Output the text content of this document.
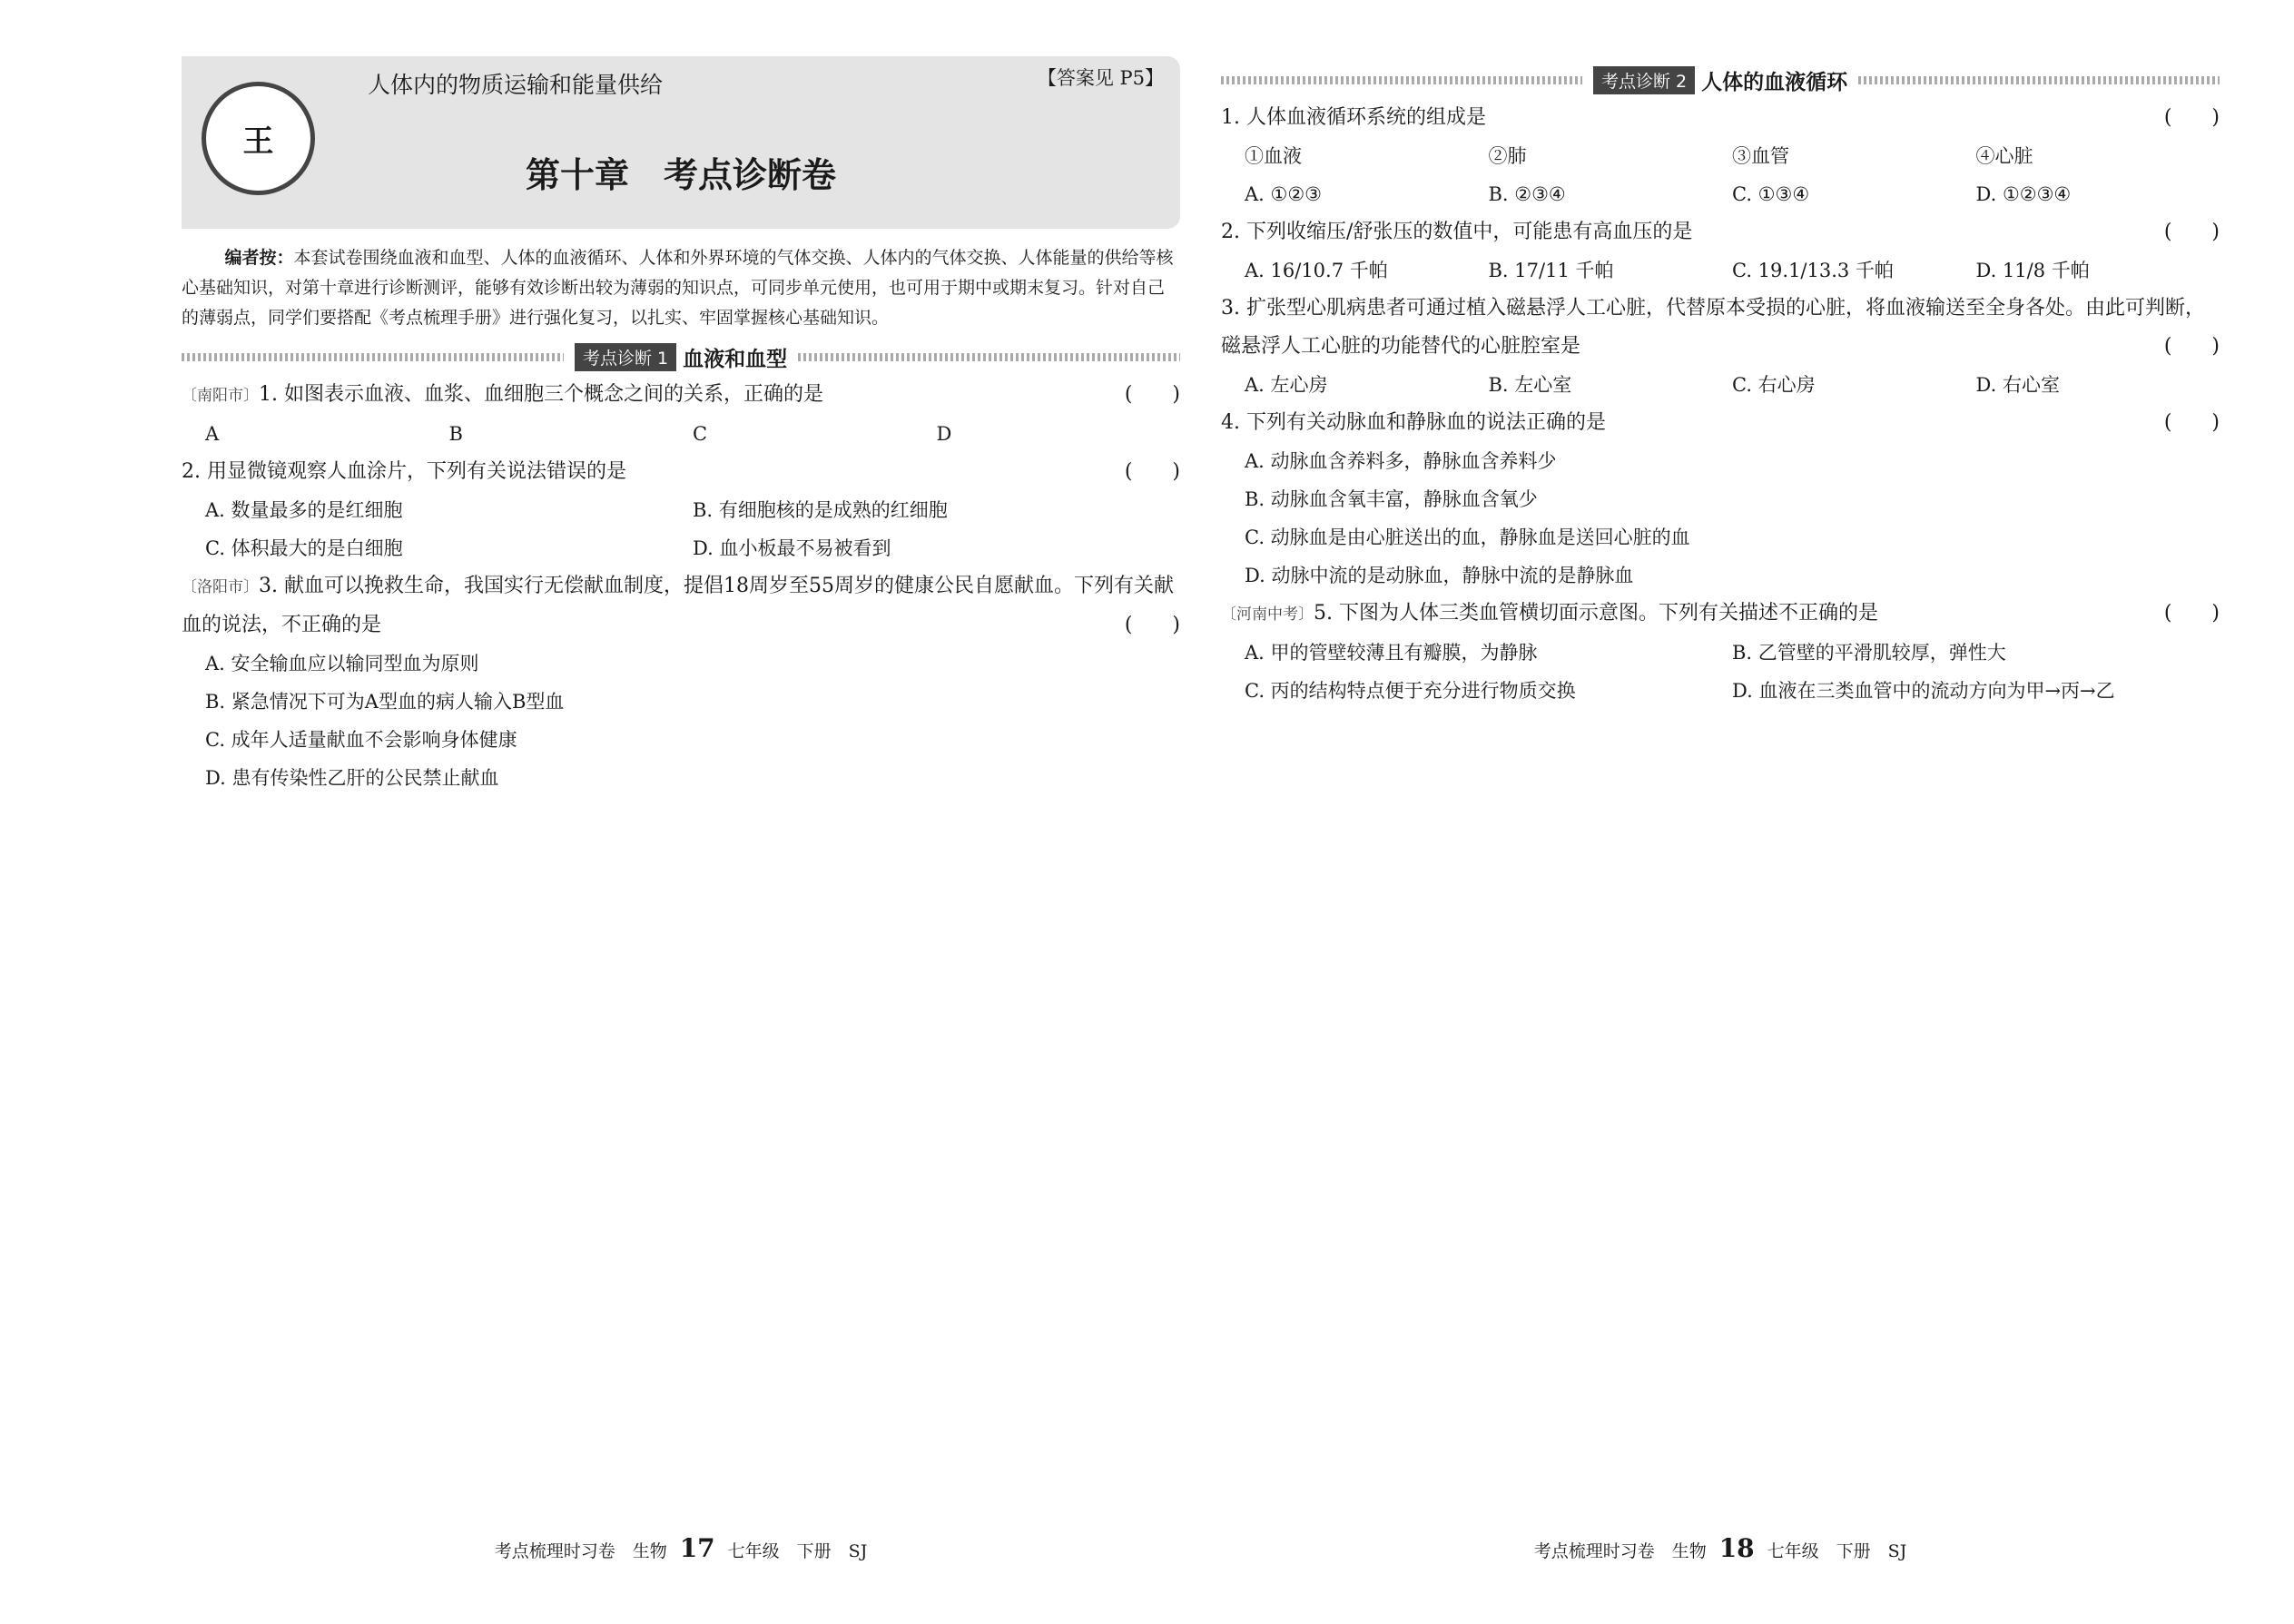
王
人体内的物质运输和能量供给	【答案见 P5】
第十章　考点诊断卷

编者按：本套试卷围绕血液和血型、人体的血液循环、人体和外界环境的气体交换、人体内的气体交换、人体能量的供给等核心基础知识，对第十章进行诊断测评，能够有效诊断出较为薄弱的知识点，可同步单元使用，也可用于期中或期末复习。针对自己的薄弱点，同学们要搭配《考点梳理手册》进行强化复习，以扎实、牢固掌握核心基础知识。

考点诊断 1 血液和血型
〔南阳市〕1. 如图表示血液、血浆、血细胞三个概念之间的关系，正确的是	(　　)
A	B	C	D
2. 用显微镜观察人血涂片，下列有关说法错误的是	(　　)
A. 数量最多的是红细胞	B. 有细胞核的是成熟的红细胞
C. 体积最大的是白细胞	D. 血小板最不易被看到
〔洛阳市〕3. 献血可以挽救生命，我国实行无偿献血制度，提倡18周岁至55周岁的健康公民自愿献血。下列有关献血的说法，不正确的是	(　　)
A. 安全输血应以输同型血为原则
B. 紧急情况下可为A型血的病人输入B型血
C. 成年人适量献血不会影响身体健康
D. 患有传染性乙肝的公民禁止献血
考点梳理时习卷　生物 17 七年级　下册　SJ
考点诊断 2 人体的血液循环
1. 人体血液循环系统的组成是	(　　)
①血液	②肺	③血管	④心脏
A. ①②③	B. ②③④	C. ①③④	D. ①②③④
2. 下列收缩压/舒张压的数值中，可能患有高血压的是	(　　)
A. 16/10.7 千帕	B. 17/11 千帕	C. 19.1/13.3 千帕	D. 11/8 千帕
3. 扩张型心肌病患者可通过植入磁悬浮人工心脏，代替原本受损的心脏，将血液输送至全身各处。由此可判断，磁悬浮人工心脏的功能替代的心脏腔室是	(　　)
A. 左心房	B. 左心室	C. 右心房	D. 右心室
4. 下列有关动脉血和静脉血的说法正确的是	(　　)
A. 动脉血含养料多，静脉血含养料少
B. 动脉血含氧丰富，静脉血含氧少
C. 动脉血是由心脏送出的血，静脉血是送回心脏的血
D. 动脉中流的是动脉血，静脉中流的是静脉血
〔河南中考〕5. 下图为人体三类血管横切面示意图。下列有关描述不正确的是	(　　)
A. 甲的管壁较薄且有瓣膜，为静脉	B. 乙管壁的平滑肌较厚，弹性大
C. 丙的结构特点便于充分进行物质交换	D. 血液在三类血管中的流动方向为甲→丙→乙
考点梳理时习卷　生物 18 七年级　下册　SJ
